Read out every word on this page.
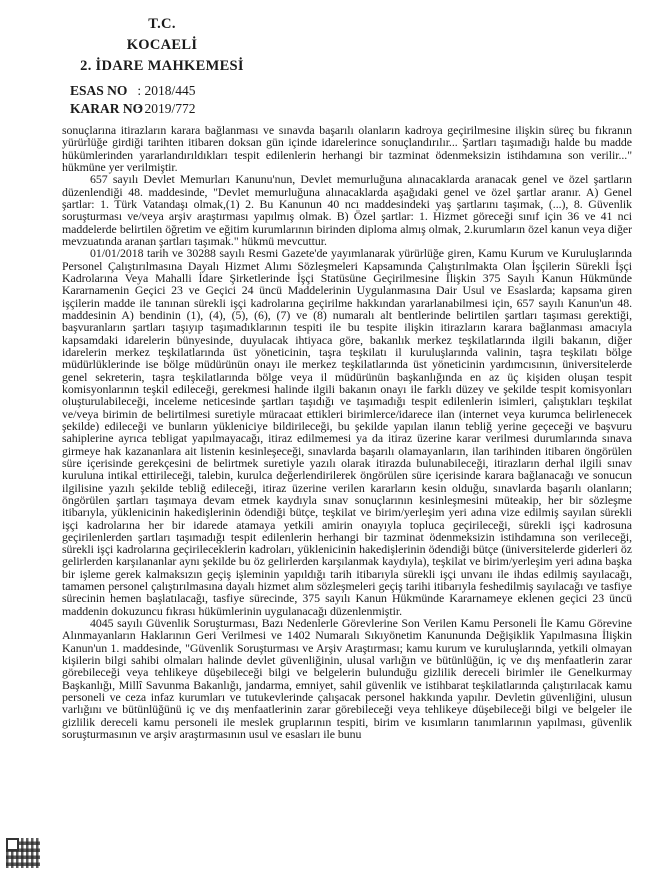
T.C.
KOCAELİ
2. İDARE MAHKEMESİ
ESAS NO : 2018/445
KARAR NO : 2019/772

sonuçlarına itirazların karara bağlanması ve sınavda başarılı olanların kadroya geçirilmesine ilişkin süreç bu fıkranın yürürlüğe girdiği tarihten itibaren doksan gün içinde idarelerince sonuçlandırılır... Şartları taşımadığı halde bu madde hükümlerinden yararlandırıldıkları tespit edilenlerin herhangi bir tazminat ödenmeksizin istihdamına son verilir..." hükmüne yer verilmiştir.

657 sayılı Devlet Memurları Kanunu'nun, Devlet memurluğuna alınacaklarda aranacak genel ve özel şartların düzenlendiği 48. maddesinde, "Devlet memurluğuna alınacaklarda aşağıdaki genel ve özel şartlar aranır. A) Genel şartlar: 1. Türk Vatandaşı olmak,(1) 2. Bu Kanunun 40 ncı maddesindeki yaş şartlarını taşımak, (...), 8. Güvenlik soruşturması ve/veya arşiv araştırması yapılmış olmak. B) Özel şartlar: 1. Hizmet göreceği sınıf için 36 ve 41 nci maddelerde belirtilen öğretim ve eğitim kurumlarının birinden diploma almış olmak, 2.kurumların özel kanun veya diğer mevzuatında aranan şartları taşımak." hükmü mevcuttur.

01/01/2018 tarih ve 30288 sayılı Resmi Gazete'de yayımlanarak yürürlüğe giren, Kamu Kurum ve Kuruluşlarında Personel Çalıştırılmasına Dayalı Hizmet Alımı Sözleşmeleri Kapsamında Çalıştırılmakta Olan İşçilerin Sürekli İşçi Kadrolarına Veya Mahalli İdare Şirketlerinde İşçi Statüsüne Geçirilmesine İlişkin 375 Sayılı Kanun Hükmünde Kararnamenin Geçici 23 ve Geçici 24 üncü Maddelerinin Uygulanmasına Dair Usul ve Esaslarda; kapsama giren işçilerin madde ile tanınan sürekli işçi kadrolarına geçirilme hakkından yararlanabilmesi için, 657 sayılı Kanun'un 48. maddesinin A) bendinin (1), (4), (5), (6), (7) ve (8) numaralı alt bentlerinde belirtilen şartları taşıması gerektiği, başvuranların şartları taşıyıp taşımadıklarının tespiti ile bu tespite ilişkin itirazların karara bağlanması amacıyla kapsamdaki idarelerin bünyesinde, duyulacak ihtiyaca göre, bakanlık merkez teşkilatlarında ilgili bakanın, diğer idarelerin merkez teşkilatlarında üst yöneticinin, taşra teşkilatı il kuruluşlarında valinin, taşra teşkilatı bölge müdürlüklerinde ise bölge müdürünün onayı ile merkez teşkilatlarında üst yöneticinin yardımcısının, üniversitelerde genel sekreterin, taşra teşkilatlarında bölge veya il müdürünün başkanlığında en az üç kişiden oluşan tespit komisyonlarının teşkil edileceği, gerekmesi halinde ilgili bakanın onayı ile farklı düzey ve şekilde tespit komisyonları oluşturulabileceği, inceleme neticesinde şartları taşıdığı ve taşımadığı tespit edilenlerin isimleri, çalıştıkları teşkilat ve/veya birimin de belirtilmesi suretiyle müracaat ettikleri birimlerce/idarece ilan (internet veya kurumca belirlenecek şekilde) edileceği ve bunların yükleniciye bildirileceği, bu şekilde yapılan ilanın tebliğ yerine geçeceği ve başvuru sahiplerine ayrıca tebligat yapılmayacağı, itiraz edilmemesi ya da itiraz üzerine karar verilmesi durumlarında sınava girmeye hak kazananlara ait listenin kesinleşeceği, sınavlarda başarılı olamayanların, ilan tarihinden itibaren öngörülen süre içerisinde gerekçesini de belirtmek suretiyle yazılı olarak itirazda bulunabileceği, itirazların derhal ilgili sınav kuruluna intikal ettirileceği, talebin, kurulca değerlendirilerek öngörülen süre içerisinde karara bağlanacağı ve sonucun ilgilisine yazılı şekilde tebliğ edileceği, itiraz üzerine verilen kararların kesin olduğu, sınavlarda başarılı olanların; öngörülen şartları taşımaya devam etmek kaydıyla sınav sonuçlarının kesinleşmesini müteakip, her bir sözleşme itibarıyla, yüklenicinin hakedişlerinin ödendiği bütçe, teşkilat ve birim/yerleşim yeri adına vize edilmiş sayılan sürekli işçi kadrolarına her bir idarede atamaya yetkili amirin onayıyla topluca geçirileceği, sürekli işçi kadrosuna geçirilenlerden şartları taşımadığı tespit edilenlerin herhangi bir tazminat ödenmeksizin istihdamına son verileceği, sürekli işçi kadrolarına geçirileceklerin kadroları, yüklenicinin hakedişlerinin ödendiği bütçe (üniversitelerde giderleri öz gelirlerden karşılananlar aynı şekilde bu öz gelirlerden karşılanmak kaydıyla), teşkilat ve birim/yerleşim yeri adına başka bir işleme gerek kalmaksızın geçiş işleminin yapıldığı tarih itibarıyla sürekli işçi unvanı ile ihdas edilmiş sayılacağı, tamamen personel çalıştırılmasına dayalı hizmet alım sözleşmeleri geçiş tarihi itibarıyla feshedilmiş sayılacağı ve tasfiye sürecinin hemen başlatılacağı, tasfiye sürecinde, 375 sayılı Kanun Hükmünde Kararnameye eklenen geçici 23 üncü maddenin dokuzuncu fıkrası hükümlerinin uygulanacağı düzenlenmiştir.

4045 sayılı Güvenlik Soruşturması, Bazı Nedenlerle Görevlerine Son Verilen Kamu Personeli İle Kamu Görevine Alınmayanların Haklarının Geri Verilmesi ve 1402 Numaralı Sıkıyönetim Kanununda Değişiklik Yapılmasına İlişkin Kanun'un 1. maddesinde, "Güvenlik Soruşturması ve Arşiv Araştırması; kamu kurum ve kuruluşlarında, yetkili olmayan kişilerin bilgi sahibi olmaları halinde devlet güvenliğinin, ulusal varlığın ve bütünlüğün, iç ve dış menfaatlerin zarar görebileceği veya tehlikeye düşebileceği bilgi ve belgelerin bulunduğu gizlilik dereceli birimler ile Genelkurmay Başkanlığı, Millî Savunma Bakanlığı, jandarma, emniyet, sahil güvenlik ve istihbarat teşkilatlarında çalıştırılacak kamu personeli ve ceza infaz kurumları ve tutukevlerinde çalışacak personel hakkında yapılır. Devletin güvenliğini, ulusun varlığını ve bütünlüğünü iç ve dış menfaatlerinin zarar görebileceği veya tehlikeye düşebileceği bilgi ve belgeler ile gizlilik dereceli kamu personeli ile meslek gruplarının tespiti, birim ve kısımların tanımlarının yapılması, güvenlik soruşturmasının ve arşiv araştırmasının usul ve esasları ile bunu
